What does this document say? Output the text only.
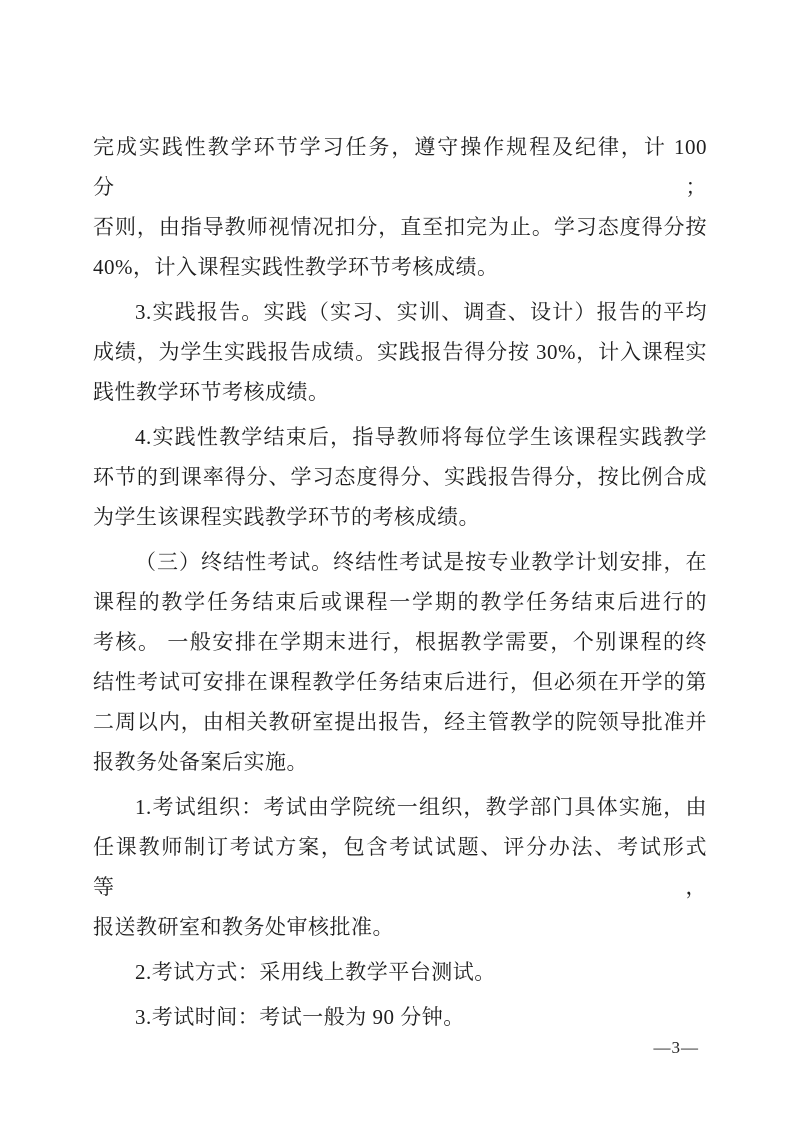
完成实践性教学环节学习任务，遵守操作规程及纪律，计 100 分；
否则，由指导教师视情况扣分，直至扣完为止。学习态度得分按
40%，计入课程实践性教学环节考核成绩。
3.实践报告。实践（实习、实训、调查、设计）报告的平均
成绩，为学生实践报告成绩。实践报告得分按 30%，计入课程实
践性教学环节考核成绩。
4.实践性教学结束后，指导教师将每位学生该课程实践教学
环节的到课率得分、学习态度得分、实践报告得分，按比例合成
为学生该课程实践教学环节的考核成绩。
（三）终结性考试。终结性考试是按专业教学计划安排，在
课程的教学任务结束后或课程一学期的教学任务结束后进行的
考核。 一般安排在学期末进行，根据教学需要，个别课程的终
结性考试可安排在课程教学任务结束后进行，但必须在开学的第
二周以内，由相关教研室提出报告，经主管教学的院领导批准并
报教务处备案后实施。
1.考试组织：考试由学院统一组织，教学部门具体实施，由
任课教师制订考试方案，包含考试试题、评分办法、考试形式等，
报送教研室和教务处审核批准。
2.考试方式：采用线上教学平台测试。
3.考试时间：考试一般为 90 分钟。
—3—
